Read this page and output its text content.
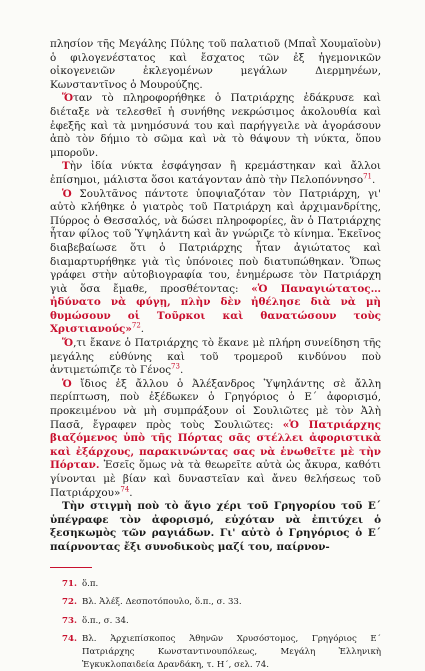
πλησίον τῆς Μεγάλης Πύλης τοῦ παλατιοῦ (Μπαῒ Χουμαϊοὺν) ὁ φιλογενέστατος καὶ ἔσχατος τῶν ἐξ ἡγεμονικῶν οἰκογενειῶν ἐκλεγομένων μεγάλων Διερμηνέων, Κωνσταντῖνος ὁ Μουρούζης.

Ὅταν τὸ πληροφορήθηκε ὁ Πατριάρχης ἐδάκρυσε καὶ διέταξε νὰ τελεσθεῖ ἡ συνήθης νεκρώσιμος ἀκολουθία καὶ ἐφεξῆς καὶ τὰ μνημόσυνά του καὶ παρήγγειλε νὰ ἀγοράσουν ἀπὸ τὸν δήμιο τὸ σῶμα καὶ νὰ τὸ θάψουν τὴ νύκτα, ὅπου μποροῦν.

Τὴν ἰδία νύκτα ἐσφάγησαν ἢ κρεμάστηκαν καὶ ἄλλοι ἐπίσημοι, μάλιστα ὅσοι κατάγονταν ἀπὸ τὴν Πελοπόννησο$^{71}$.

Ὁ Σουλτᾶνος πάντοτε ὑποψιαζόταν τὸν Πατριάρχη, γι' αὐτὸ κλήθηκε ὁ γιατρὸς τοῦ Πατριάρχη καὶ ἀρχιμανδρίτης, Πύρρος ὁ Θεσσαλός, νὰ δώσει πληροφορίες, ἂν ὁ Πατριάρχης ἦταν φίλος τοῦ Ὑψηλάντη καὶ ἂν γνώριζε τὸ κίνημα. Ἐκεῖνος διαβεβαίωσε ὅτι ὁ Πατριάρχης ἦταν ἀγιώτατος καὶ διαμαρτυρήθηκε γιὰ τὶς ὑπόνοιες ποὺ διατυπώθηκαν. Ὅπως γράφει στὴν αὐτοβιογραφία του, ἐνημέρωσε τὸν Πατριάρχη γιὰ ὅσα ἔμαθε, προσθέτοντας: «Ὁ Παναγιώτατος… ἠδύνατο νὰ φύγῃ, πλὴν δὲν ἠθέλησε διὰ νὰ μὴ θυμώσουν οἱ Τοῦρκοι καὶ θανατώσουν τοὺς Χριστιανούς»$^{72}$.

Ὅ,τι ἔκανε ὁ Πατριάρχης τὸ ἔκανε μὲ πλήρη συνείδηση τῆς μεγάλης εὐθύνης καὶ τοῦ τρομεροῦ κινδύνου ποὺ ἀντιμετώπιζε τὸ Γένος$^{73}$.

Ὁ ἴδιος ἐξ ἄλλου ὁ Ἀλέξανδρος Ὑψηλάντης σὲ ἄλλη περίπτωση, ποὺ ἐξέδωκεν ὁ Γρηγόριος ὁ Ε΄ ἀφορισμό, προκειμένου νὰ μὴ συμπράξουν οἱ Σουλιῶτες μὲ τὸν Ἀλὴ Πασᾶ, ἔγραφεν πρὸς τοὺς Σουλιῶτες: «Ὁ Πατριάρχης βιαζόμενος ὑπὸ τῆς Πόρτας σᾶς στέλλει ἀφοριστικὰ καὶ ἐξάρχους, παρακινώντας σας νὰ ἑνωθεῖτε μὲ τὴν Πόρταν. Ἐσεῖς ὅμως νὰ τὰ θεωρεῖτε αὐτὰ ὡς ἄκυρα, καθότι γίνονται μὲ βίαν καὶ δυναστεῖαν καὶ ἄνευ θελήσεως τοῦ Πατριάρχου»$^{74}$.

Τὴν στιγμὴ ποὺ τὸ ἅγιο χέρι τοῦ Γρηγορίου τοῦ Ε΄ ὑπέγραφε τὸν ἀφορισμό, εὐχόταν νὰ ἐπιτύχει ὁ ξεσηκωμὸς τῶν ραγιάδων. Γι' αὐτὸ ὁ Γρηγόριος ὁ Ε΄ παίρνοντας ἔξι συνοδικοὺς μαζί του, παίρνον-

71. ὅ.π.
72. Βλ. Ἀλέξ. Δεσποτόπουλο, ὅ.π., σ. 33.
73. ὅ.π., σ. 34.
74. Βλ. Ἀρχιεπίσκοπος Ἀθηνῶν Χρυσόστομος, Γρηγόριος Ε΄ Πατριάρχης Κωνσταντινουπόλεως, Μεγάλη Ἑλληνικὴ Ἐγκυκλοπαιδεία Δρανδάκη, τ. Η΄, σελ. 74.
